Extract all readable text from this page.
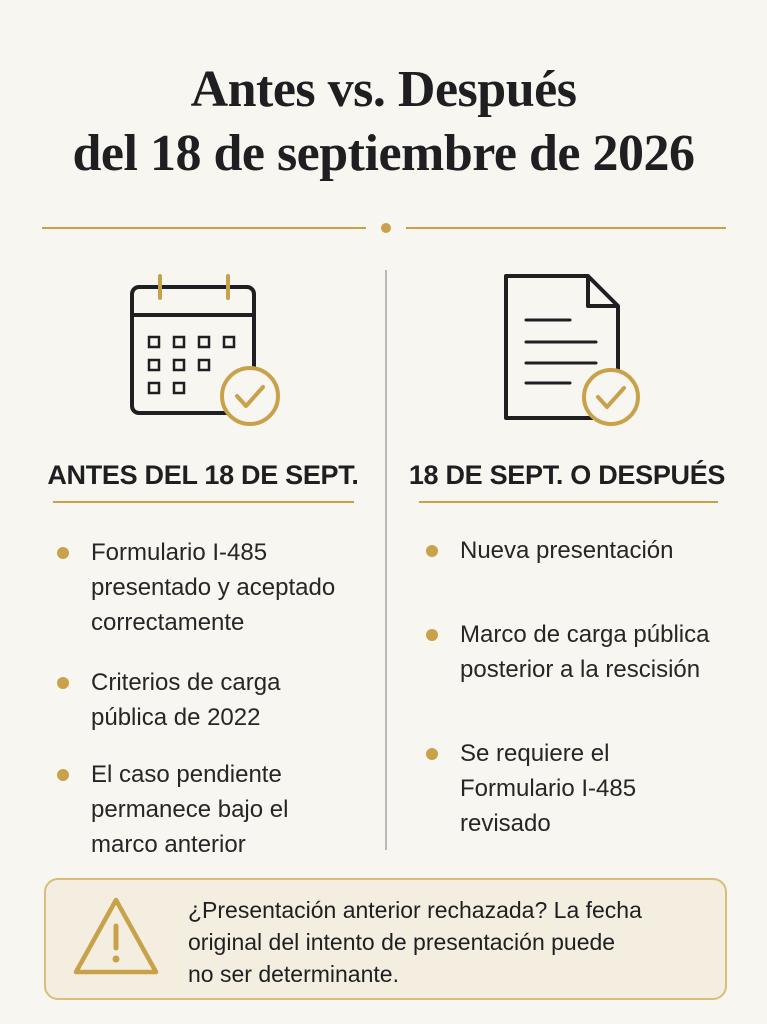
Antes vs. Después
del 18 de septiembre de 2026
ANTES DEL 18 DE SEPT. 18 DE SEPT. O DESPUÉS
Formulario I-485
presentado y aceptado
correctamente
Criterios de carga
pública de 2022
El caso pendiente
permanece bajo el
marco anterior
Nueva presentación
Marco de carga pública
posterior a la rescisión
Se requiere el
Formulario I-485
revisado
¿Presentación anterior rechazada? La fecha
original del intento de presentación puede
no ser determinante.
